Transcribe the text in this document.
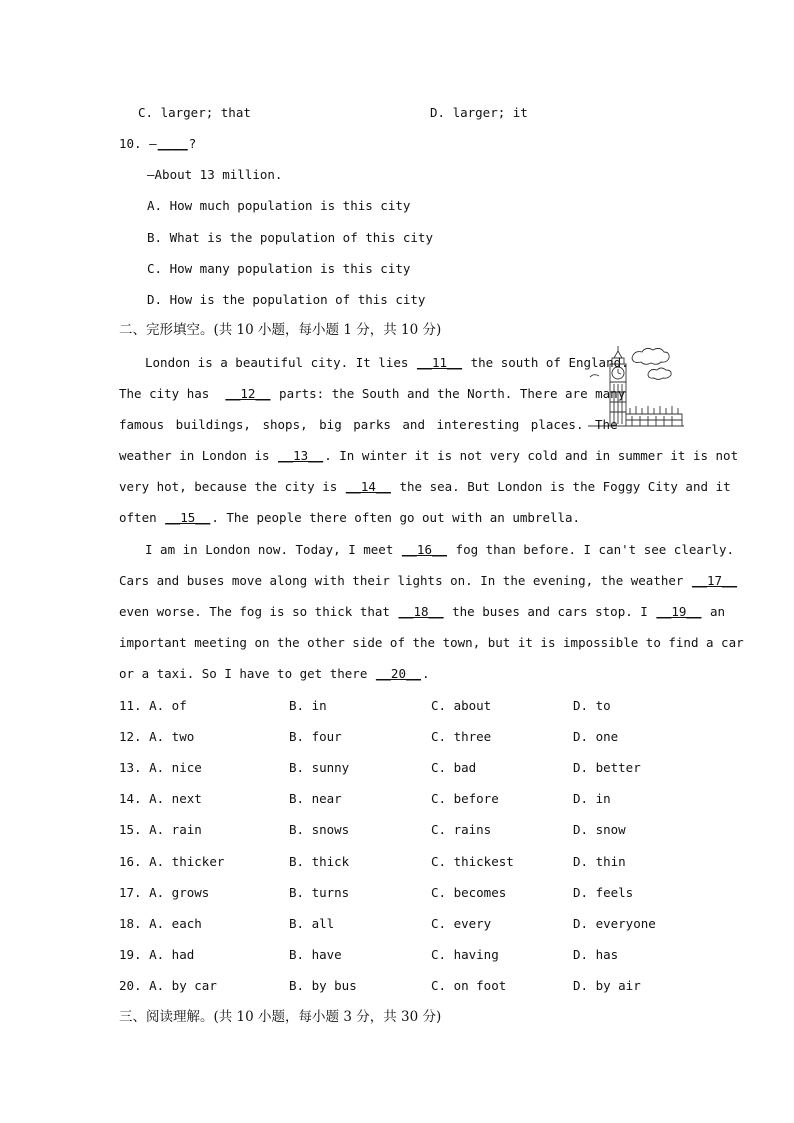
C. larger; that	D. larger; it
10. —____?
—About 13 million.
A. How much population is this city
B. What is the population of this city
C. How many population is this city
D. How is the population of this city
二、完形填空。(共 10 小题，每小题 1 分，共 10 分)
London is a beautiful city. It lies __11__ the south of England.
The city has  __12__ parts: the South and the North. There are many
famous buildings, shops, big parks and interesting places. The
weather in London is __13__. In winter it is not very cold and in summer it is not
very hot, because the city is __14__ the sea. But London is the Foggy City and it
often __15__. The people there often go out with an umbrella.
I am in London now. Today, I meet __16__ fog than before. I can't see clearly.
Cars and buses move along with their lights on. In the evening, the weather __17__
even worse. The fog is so thick that __18__ the buses and cars stop. I __19__ an
important meeting on the other side of the town, but it is impossible to find a car
or a taxi. So I have to get there __20__.
11. A. of	B. in	C. about	D. to
12. A. two	B. four	C. three	D. one
13. A. nice	B. sunny	C. bad	D. better
14. A. next	B. near	C. before	D. in
15. A. rain	B. snows	C. rains	D. snow
16. A. thicker	B. thick	C. thickest	D. thin
17. A. grows	B. turns	C. becomes	D. feels
18. A. each	B. all	C. every	D. everyone
19. A. had	B. have	C. having	D. has
20. A. by car	B. by bus	C. on foot	D. by air
三、阅读理解。(共 10 小题，每小题 3 分，共 30 分)
